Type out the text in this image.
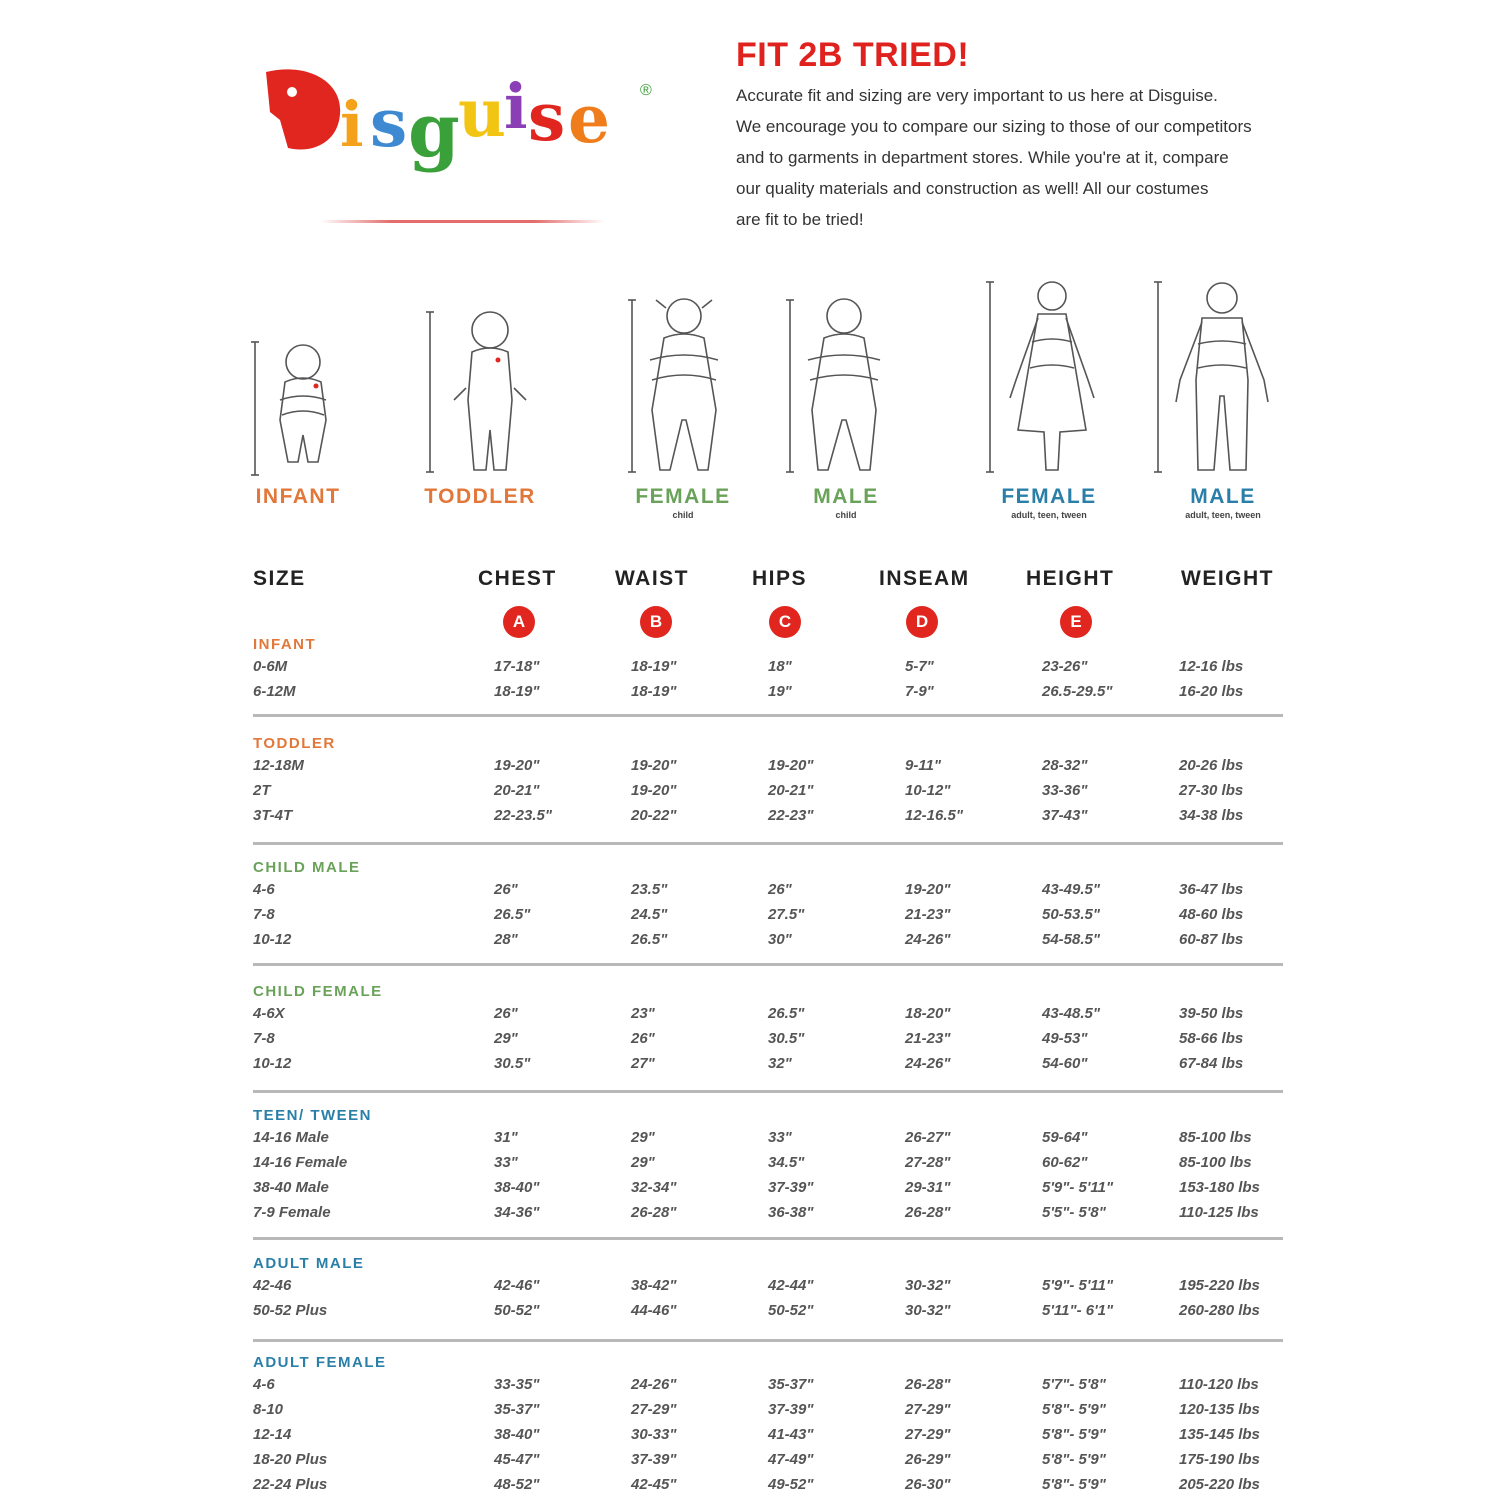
i s g
u
i s e ®
FIT 2B TRIED!
Accurate fit and sizing are very important to us here at Disguise.
We encourage you to compare our sizing to those of our competitors
and to garments in department stores. While you're at it, compare
our quality materials and construction as well! All our costumes
are fit to be tried!
INFANT	TODDLER	FEMALE
child
MALE
child
FEMALE
adult, teen, tween
MALE
adult, teen, tween
SIZE	CHEST	WAIST	HIPS	INSEAM	HEIGHT	WEIGHT
A	B	C	D	E
INFANT
0-6M	17-18"	18-19"	18"	5-7"	23-26"	12-16 lbs
6-12M	18-19"	18-19"	19"	7-9"	26.5-29.5"	16-20 lbs
TODDLER
12-18M	19-20"	19-20"	19-20"	9-11"	28-32"	20-26 lbs
2T	20-21"	19-20"	20-21"	10-12"	33-36"	27-30 lbs
3T-4T	22-23.5"	20-22"	22-23"	12-16.5"	37-43"	34-38 lbs
CHILD MALE
4-6	26"	23.5"	26"	19-20"	43-49.5"	36-47 lbs
7-8	26.5"	24.5"	27.5"	21-23"	50-53.5"	48-60 lbs
10-12	28"	26.5"	30"	24-26"	54-58.5"	60-87 lbs
CHILD FEMALE
4-6X	26"	23"	26.5"	18-20"	43-48.5"	39-50 lbs
7-8	29"	26"	30.5"	21-23"	49-53"	58-66 lbs
10-12	30.5"	27"	32"	24-26"	54-60"	67-84 lbs
TEEN/ TWEEN
14-16 Male	31"	29"	33"	26-27"	59-64"	85-100 lbs
14-16 Female	33"	29"	34.5"	27-28"	60-62"	85-100 lbs
38-40 Male	38-40"	32-34"	37-39"	29-31"	5'9"- 5'11"	153-180 lbs
7-9 Female	34-36"	26-28"	36-38"	26-28"	5'5"- 5'8"	110-125 lbs
ADULT MALE
42-46	42-46"	38-42"	42-44"	30-32"	5'9"- 5'11"	195-220 lbs
50-52 Plus	50-52"	44-46"	50-52"	30-32"	5'11"- 6'1"	260-280 lbs
ADULT FEMALE
4-6	33-35"	24-26"	35-37"	26-28"	5'7"- 5'8"	110-120 lbs
8-10	35-37"	27-29"	37-39"	27-29"	5'8"- 5'9"	120-135 lbs
12-14	38-40"	30-33"	41-43"	27-29"	5'8"- 5'9"	135-145 lbs
18-20 Plus	45-47"	37-39"	47-49"	26-29"	5'8"- 5'9"	175-190 lbs
22-24 Plus	48-52"	42-45"	49-52"	26-30"	5'8"- 5'9"	205-220 lbs
